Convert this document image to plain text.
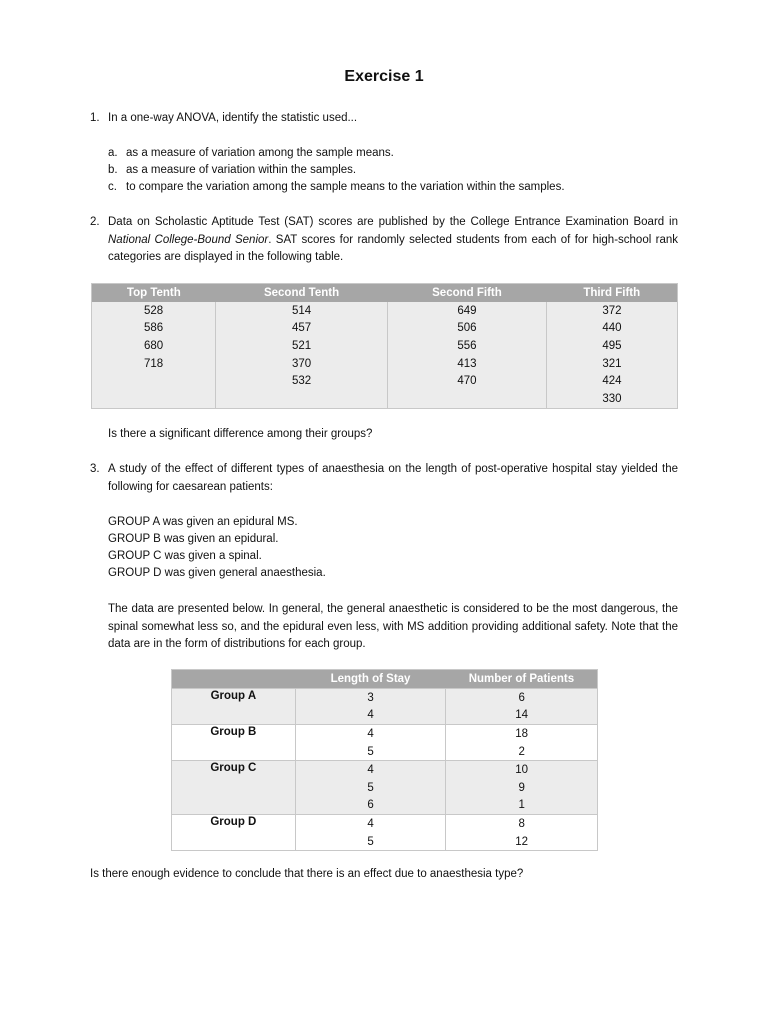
Exercise 1
1. In a one-way ANOVA, identify the statistic used...
a. as a measure of variation among the sample means.
b. as a measure of variation within the samples.
c. to compare the variation among the sample means to the variation within the samples.
2. Data on Scholastic Aptitude Test (SAT) scores are published by the College Entrance Examination Board in National College-Bound Senior. SAT scores for randomly selected students from each of for high-school rank categories are displayed in the following table.
Top Tenth	Second Tenth	Second Fifth	Third Fifth
528	514	649	372
586	457	506	440
680	521	556	495
718	370	413	321
	532	470	424
			330
Is there a significant difference among their groups?
3. A study of the effect of different types of anaesthesia on the length of post-operative hospital stay yielded the following for caesarean patients:
GROUP A was given an epidural MS.
GROUP B was given an epidural.
GROUP C was given a spinal.
GROUP D was given general anaesthesia.
The data are presented below. In general, the general anaesthetic is considered to be the most dangerous, the spinal somewhat less so, and the epidural even less, with MS addition providing additional safety. Note that the data are in the form of distributions for each group.
	Length of Stay	Number of Patients
Group A	3	6
	4	14
Group B	4	18
	5	2
Group C	4	10
	5	9
	6	1
Group D	4	8
	5	12
Is there enough evidence to conclude that there is an effect due to anaesthesia type?
